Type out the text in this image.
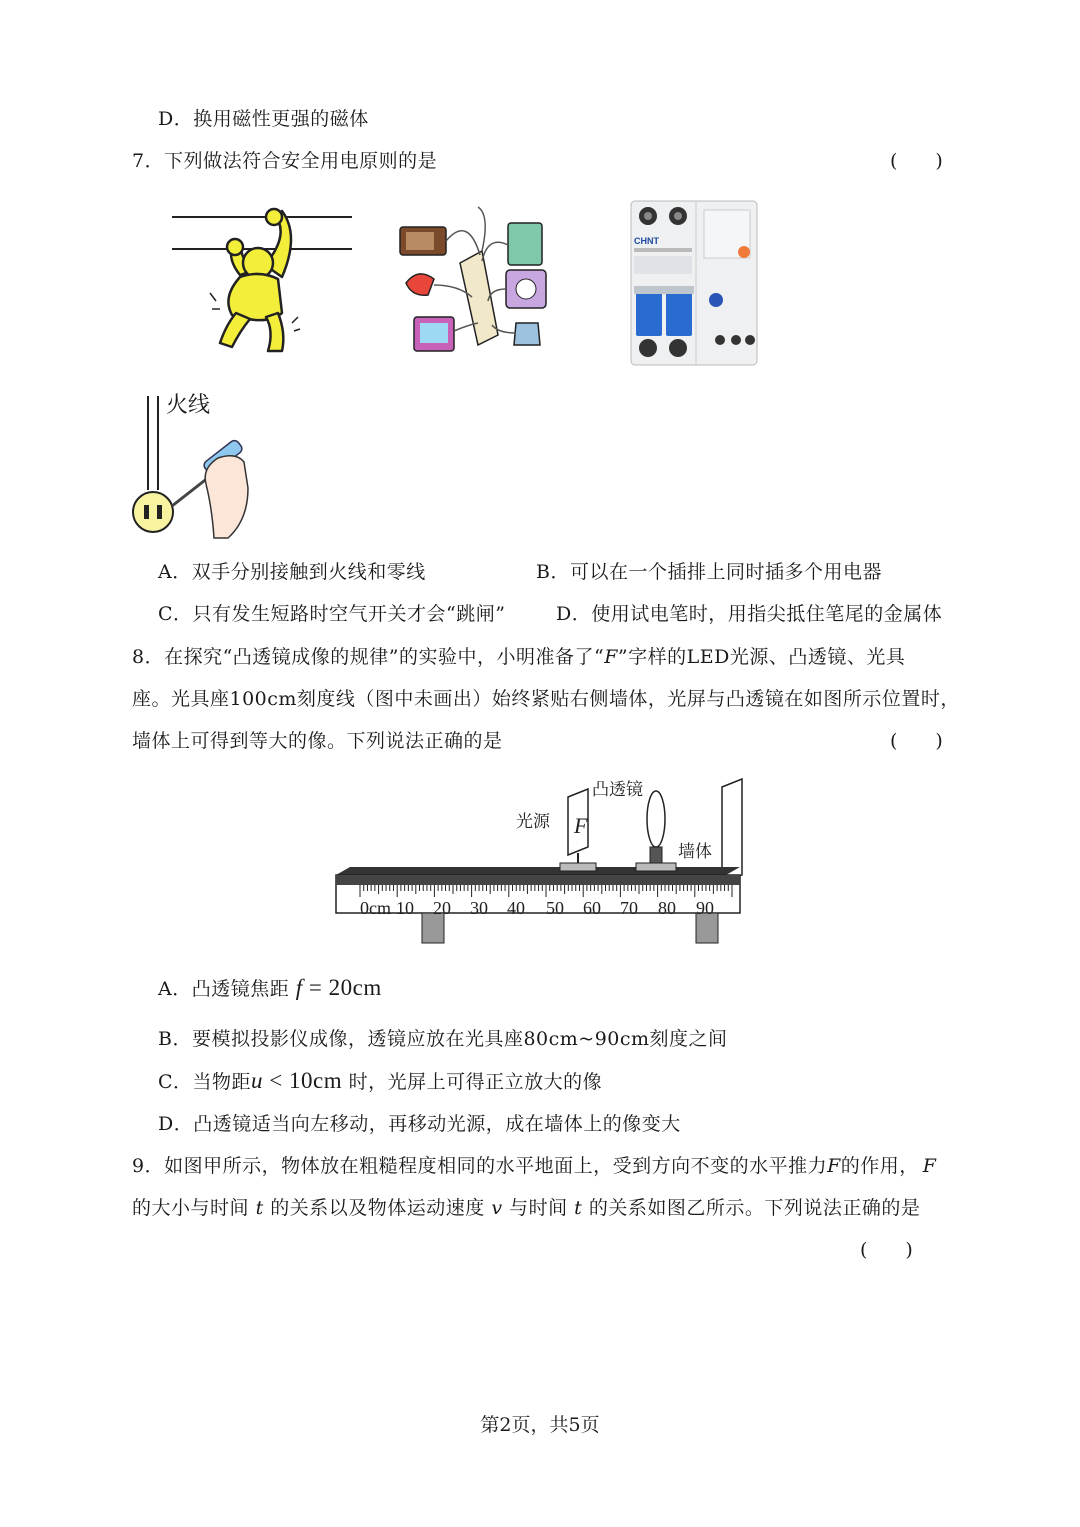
D．换用磁性更强的磁体
7．下列做法符合安全用电原则的是	(　　)
CHNT
火线
A．双手分别接触到火线和零线	B．可以在一个插排上同时插多个用电器
C．只有发生短路时空气开关才会“跳闸”	D．使用试电笔时，用指尖抵住笔尾的金属体
8．在探究“凸透镜成像的规律”的实验中，小明准备了“F”字样的LED光源、凸透镜、光具
座。光具座100cm刻度线（图中未画出）始终紧贴右侧墙体，光屏与凸透镜在如图所示位置时，
墙体上可得到等大的像。下列说法正确的是	(　　)
F
光源
凸透镜
墙体
0cm 10 20 30 40 50 60 70 80 90
A．凸透镜焦距 f = 20cm
B．要模拟投影仪成像，透镜应放在光具座80cm~90cm刻度之间
C．当物距u < 10cm 时，光屏上可得正立放大的像
D．凸透镜适当向左移动，再移动光源，成在墙体上的像变大
9．如图甲所示，物体放在粗糙程度相同的水平地面上，受到方向不变的水平推力F的作用， F
的大小与时间 t 的关系以及物体运动速度 v 与时间 t 的关系如图乙所示。下列说法正确的是
(　　)
第2页，共5页
